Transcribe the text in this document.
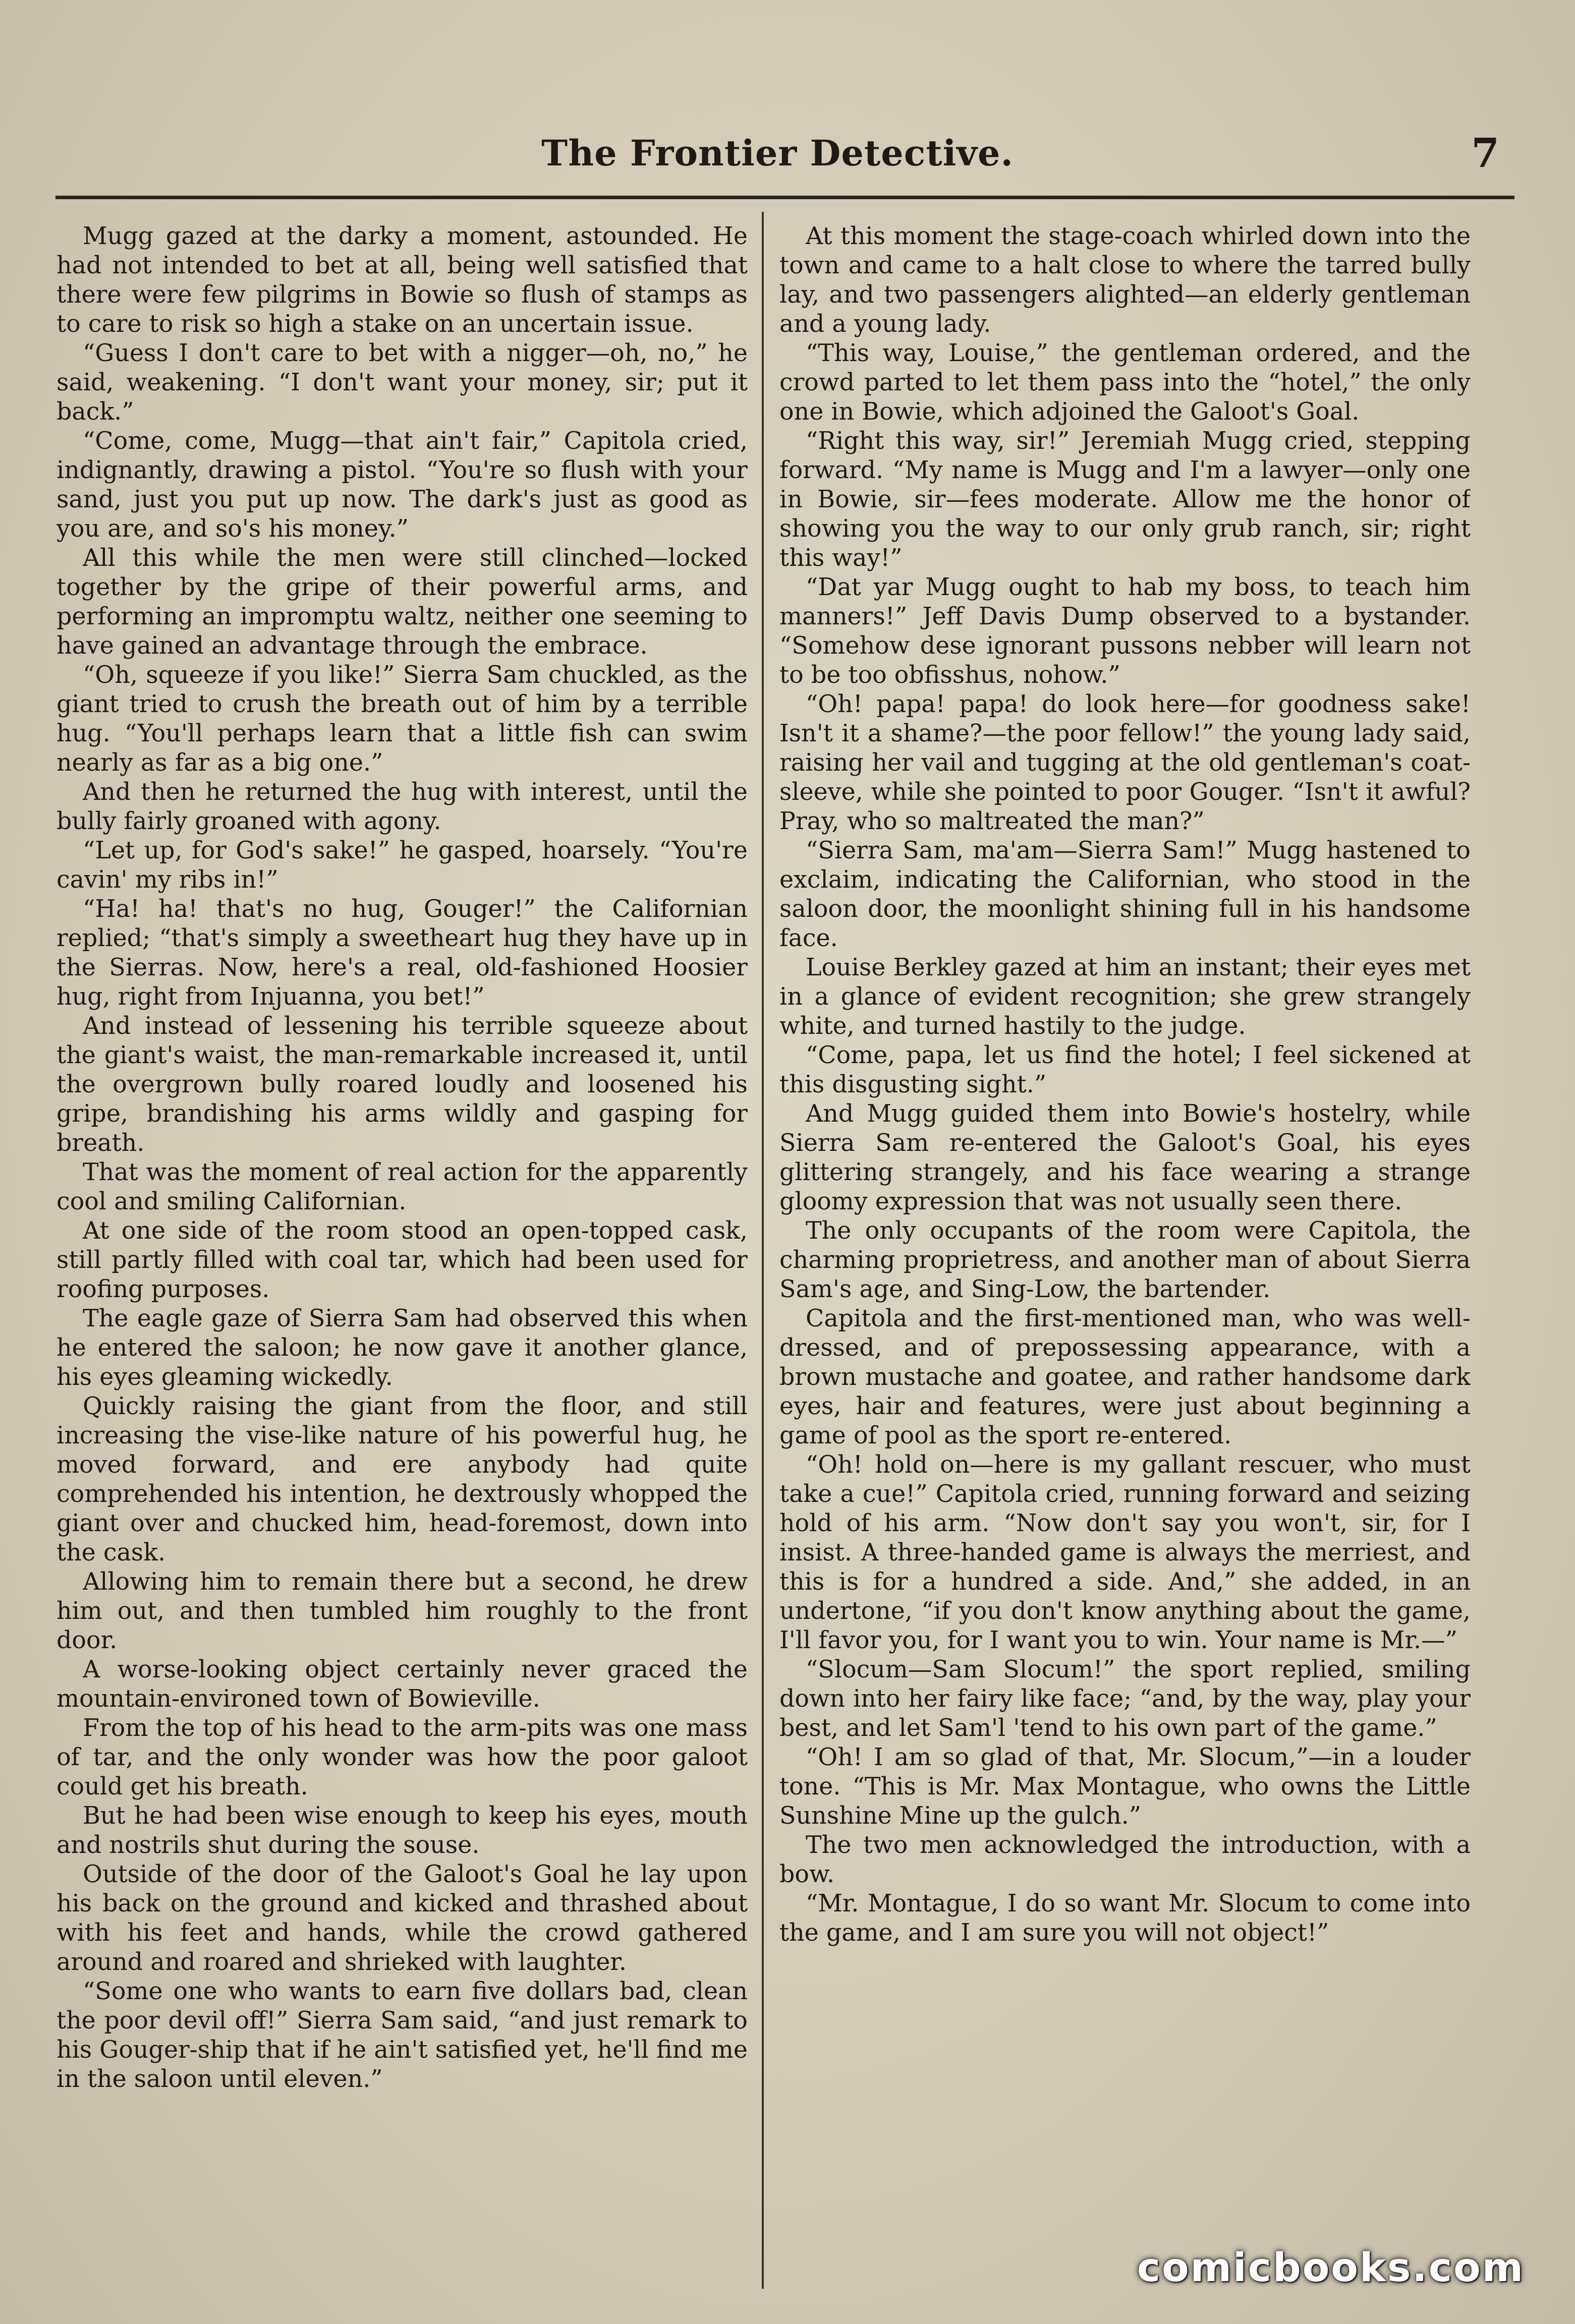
The Frontier Detective.	7

Mugg gazed at the darky a moment, astounded. He had not intended to bet at all, being well satisfied that there were few pilgrims in Bowie so flush of stamps as to care to risk so high a stake on an uncertain issue.

“Guess I don't care to bet with a nigger—oh, no,” he said, weakening. “I don't want your money, sir; put it back.”

“Come, come, Mugg—that ain't fair,” Capitola cried, indignantly, drawing a pistol. “You're so flush with your sand, just you put up now. The dark's just as good as you are, and so's his money.”

All this while the men were still clinched—locked together by the gripe of their powerful arms, and performing an impromptu waltz, neither one seeming to have gained an advantage through the embrace.

“Oh, squeeze if you like!” Sierra Sam chuckled, as the giant tried to crush the breath out of him by a terrible hug. “You'll perhaps learn that a little fish can swim nearly as far as a big one.”

And then he returned the hug with interest, until the bully fairly groaned with agony.

“Let up, for God's sake!” he gasped, hoarsely. “You're cavin' my ribs in!”

“Ha! ha! that's no hug, Gouger!” the Californian replied; “that's simply a sweetheart hug they have up in the Sierras. Now, here's a real, old-fashioned Hoosier hug, right from Injuanna, you bet!”

And instead of lessening his terrible squeeze about the giant's waist, the man-remarkable increased it, until the overgrown bully roared loudly and loosened his gripe, brandishing his arms wildly and gasping for breath.

That was the moment of real action for the apparently cool and smiling Californian.

At one side of the room stood an open-topped cask, still partly filled with coal tar, which had been used for roofing purposes.

The eagle gaze of Sierra Sam had observed this when he entered the saloon; he now gave it another glance, his eyes gleaming wickedly.

Quickly raising the giant from the floor, and still increasing the vise-like nature of his powerful hug, he moved forward, and ere anybody had quite comprehended his intention, he dextrously whopped the giant over and chucked him, head-foremost, down into the cask.

Allowing him to remain there but a second, he drew him out, and then tumbled him roughly to the front door.

A worse-looking object certainly never graced the mountain-environed town of Bowieville.

From the top of his head to the arm-pits was one mass of tar, and the only wonder was how the poor galoot could get his breath.

But he had been wise enough to keep his eyes, mouth and nostrils shut during the souse.

Outside of the door of the Galoot's Goal he lay upon his back on the ground and kicked and thrashed about with his feet and hands, while the crowd gathered around and roared and shrieked with laughter.

“Some one who wants to earn five dollars bad, clean the poor devil off!” Sierra Sam said, “and just remark to his Gouger-ship that if he ain't satisfied yet, he'll find me in the saloon until eleven.”

At this moment the stage-coach whirled down into the town and came to a halt close to where the tarred bully lay, and two passengers alighted—an elderly gentleman and a young lady.

“This way, Louise,” the gentleman ordered, and the crowd parted to let them pass into the “hotel,” the only one in Bowie, which adjoined the Galoot's Goal.

“Right this way, sir!” Jeremiah Mugg cried, stepping forward. “My name is Mugg and I'm a lawyer—only one in Bowie, sir—fees moderate. Allow me the honor of showing you the way to our only grub ranch, sir; right this way!”

“Dat yar Mugg ought to hab my boss, to teach him manners!” Jeff Davis Dump observed to a bystander. “Somehow dese ignorant pussons nebber will learn not to be too obfisshus, nohow.”

“Oh! papa! papa! do look here—for goodness sake! Isn't it a shame?—the poor fellow!” the young lady said, raising her vail and tugging at the old gentleman's coat-sleeve, while she pointed to poor Gouger. “Isn't it awful? Pray, who so maltreated the man?”

“Sierra Sam, ma'am—Sierra Sam!” Mugg hastened to exclaim, indicating the Californian, who stood in the saloon door, the moonlight shining full in his handsome face.

Louise Berkley gazed at him an instant; their eyes met in a glance of evident recognition; she grew strangely white, and turned hastily to the judge.

“Come, papa, let us find the hotel; I feel sickened at this disgusting sight.”

And Mugg guided them into Bowie's hostelry, while Sierra Sam re-entered the Galoot's Goal, his eyes glittering strangely, and his face wearing a strange gloomy expression that was not usually seen there.

The only occupants of the room were Capitola, the charming proprietress, and another man of about Sierra Sam's age, and Sing-Low, the bartender.

Capitola and the first-mentioned man, who was well-dressed, and of prepossessing appearance, with a brown mustache and goatee, and rather handsome dark eyes, hair and features, were just about beginning a game of pool as the sport re-entered.

“Oh! hold on—here is my gallant rescuer, who must take a cue!” Capitola cried, running forward and seizing hold of his arm. “Now don't say you won't, sir, for I insist. A three-handed game is always the merriest, and this is for a hundred a side. And,” she added, in an undertone, “if you don't know anything about the game, I'll favor you, for I want you to win. Your name is Mr.—”

“Slocum—Sam Slocum!” the sport replied, smiling down into her fairy like face; “and, by the way, play your best, and let Sam'l 'tend to his own part of the game.”

“Oh! I am so glad of that, Mr. Slocum,”—in a louder tone. “This is Mr. Max Montague, who owns the Little Sunshine Mine up the gulch.”

The two men acknowledged the introduction, with a bow.

“Mr. Montague, I do so want Mr. Slocum to come into the game, and I am sure you will not object!”

comicbooks.com
